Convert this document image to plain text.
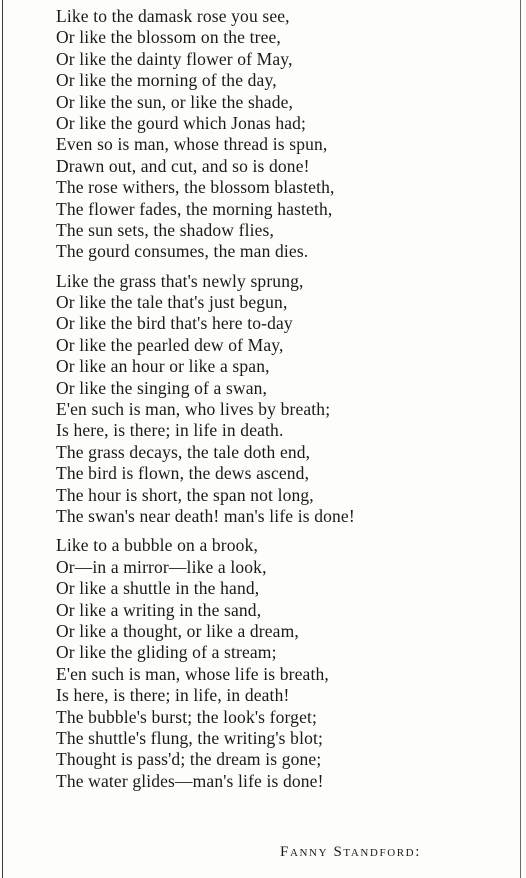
Like to the damask rose you see,
Or like the blossom on the tree,
Or like the dainty flower of May,
Or like the morning of the day,
Or like the sun, or like the shade,
Or like the gourd which Jonas had;
Even so is man, whose thread is spun,
Drawn out, and cut, and so is done!
The rose withers, the blossom blasteth,
The flower fades, the morning hasteth,
The sun sets, the shadow flies,
The gourd consumes, the man dies.
Like the grass that's newly sprung,
Or like the tale that's just begun,
Or like the bird that's here to-day
Or like the pearled dew of May,
Or like an hour or like a span,
Or like the singing of a swan,
E'en such is man, who lives by breath;
Is here, is there; in life in death.
The grass decays, the tale doth end,
The bird is flown, the dews ascend,
The hour is short, the span not long,
The swan's near death! man's life is done!
Like to a bubble on a brook,
Or—in a mirror—like a look,
Or like a shuttle in the hand,
Or like a writing in the sand,
Or like a thought, or like a dream,
Or like the gliding of a stream;
E'en such is man, whose life is breath,
Is here, is there; in life, in death!
The bubble's burst; the look's forget;
The shuttle's flung, the writing's blot;
Thought is pass'd; the dream is gone;
The water glides—man's life is done!
Fanny Standford:
